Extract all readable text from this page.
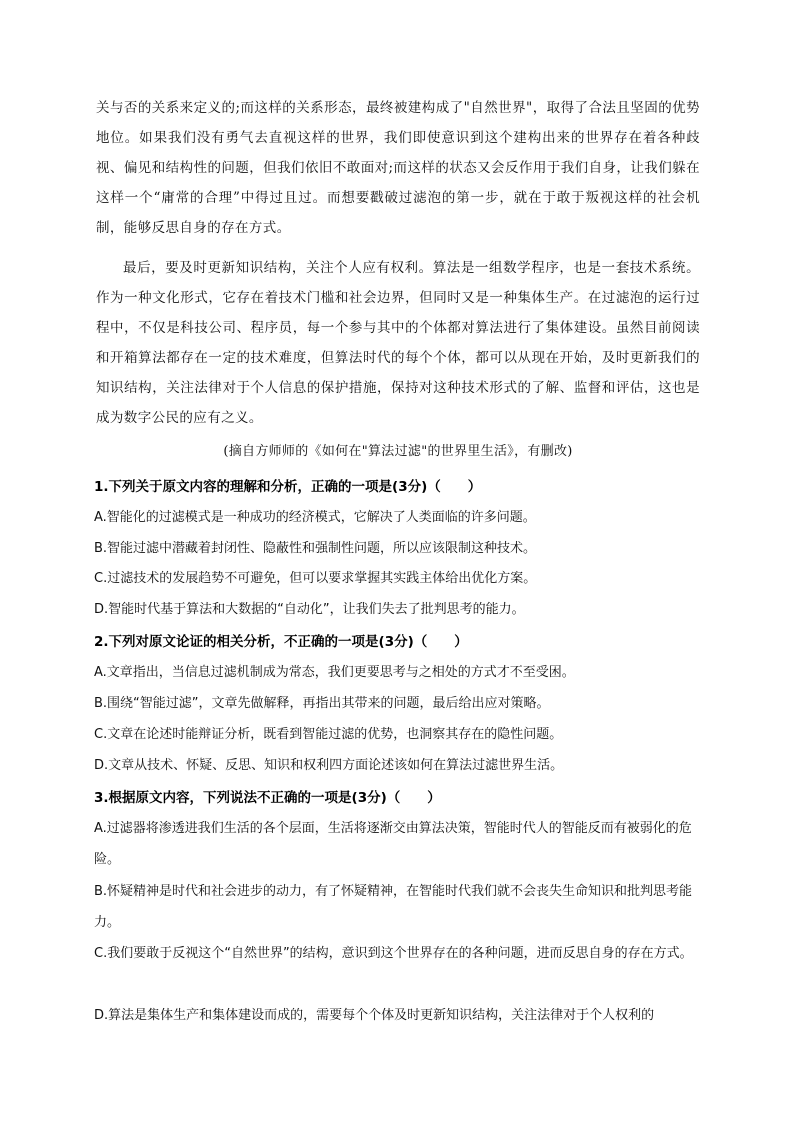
关与否的关系来定义的;而这样的关系形态，最终被建构成了"自然世界"，取得了合法且坚固的优势地位。如果我们没有勇气去直视这样的世界，我们即使意识到这个建构出来的世界存在着各种歧视、偏见和结构性的问题，但我们依旧不敢面对;而这样的状态又会反作用于我们自身，让我们躲在这样一个“庸常的合理”中得过且过。而想要戳破过滤泡的第一步，就在于敢于叛视这样的社会机制，能够反思自身的存在方式。

最后，要及时更新知识结构，关注个人应有权利。算法是一组数学程序，也是一套技术系统。作为一种文化形式，它存在着技术门槛和社会边界，但同时又是一种集体生产。在过滤泡的运行过程中，不仅是科技公司、程序员，每一个参与其中的个体都对算法进行了集体建设。虽然目前阅读和开箱算法都存在一定的技术难度，但算法时代的每个个体，都可以从现在开始，及时更新我们的知识结构，关注法律对于个人信息的保护措施，保持对这种技术形式的了解、监督和评估，这也是成为数字公民的应有之义。

(摘自方师师的《如何在"算法过滤"的世界里生活》，有删改)
1.下列关于原文内容的理解和分析，正确的一项是(3分)（　　）
A.智能化的过滤模式是一种成功的经济模式，它解决了人类面临的许多问题。
B.智能过滤中潜藏着封闭性、隐蔽性和强制性问题，所以应该限制这种技术。
C.过滤技术的发展趋势不可避免，但可以要求掌握其实践主体给出优化方案。
D.智能时代基于算法和大数据的“自动化”，让我们失去了批判思考的能力。
2.下列对原文论证的相关分析，不正确的一项是(3分)（　　）
A.文章指出，当信息过滤机制成为常态，我们更要思考与之相处的方式才不至受困。
B.围绕“智能过滤”，文章先做解释，再指出其带来的问题，最后给出应对策略。
C.文章在论述时能辩证分析，既看到智能过滤的优势，也洞察其存在的隐性问题。
D.文章从技术、怀疑、反思、知识和权利四方面论述该如何在算法过滤世界生活。
3.根据原文内容，下列说法不正确的一项是(3分)（　　）
A.过滤器将渗透进我们生活的各个层面，生活将逐渐交由算法决策，智能时代人的智能反而有被弱化的危险。
B.怀疑精神是时代和社会进步的动力，有了怀疑精神，在智能时代我们就不会丧失生命知识和批判思考能力。
C.我们要敢于反视这个“自然世界”的结构，意识到这个世界存在的各种问题，进而反思自身的存在方式。
D.算法是集体生产和集体建设而成的，需要每个个体及时更新知识结构，关注法律对于个人权利的
